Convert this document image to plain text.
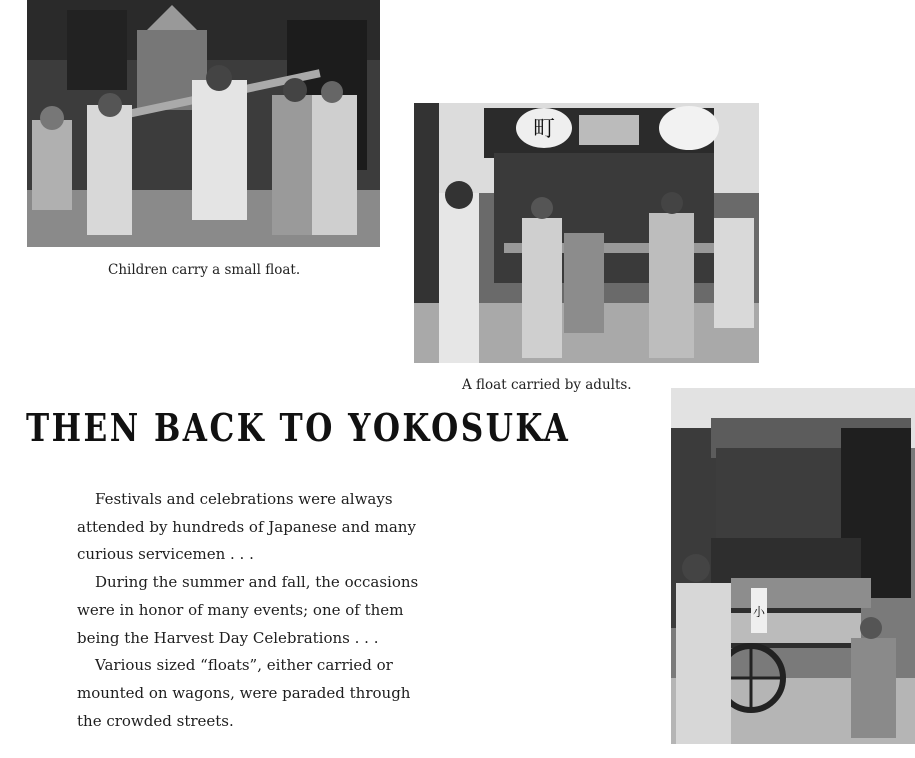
Children carry a small float.
町
A float carried by adults.
小
THEN BACK TO YOKOSUKA

Festivals and celebrations were always attended by hundreds of Japanese and many curious servicemen . . .

During the summer and fall, the occasions were in honor of many events; one of them being the Harvest Day Celebrations . . .

Various sized “floats”, either carried or mounted on wagons, were paraded through the crowded streets.
